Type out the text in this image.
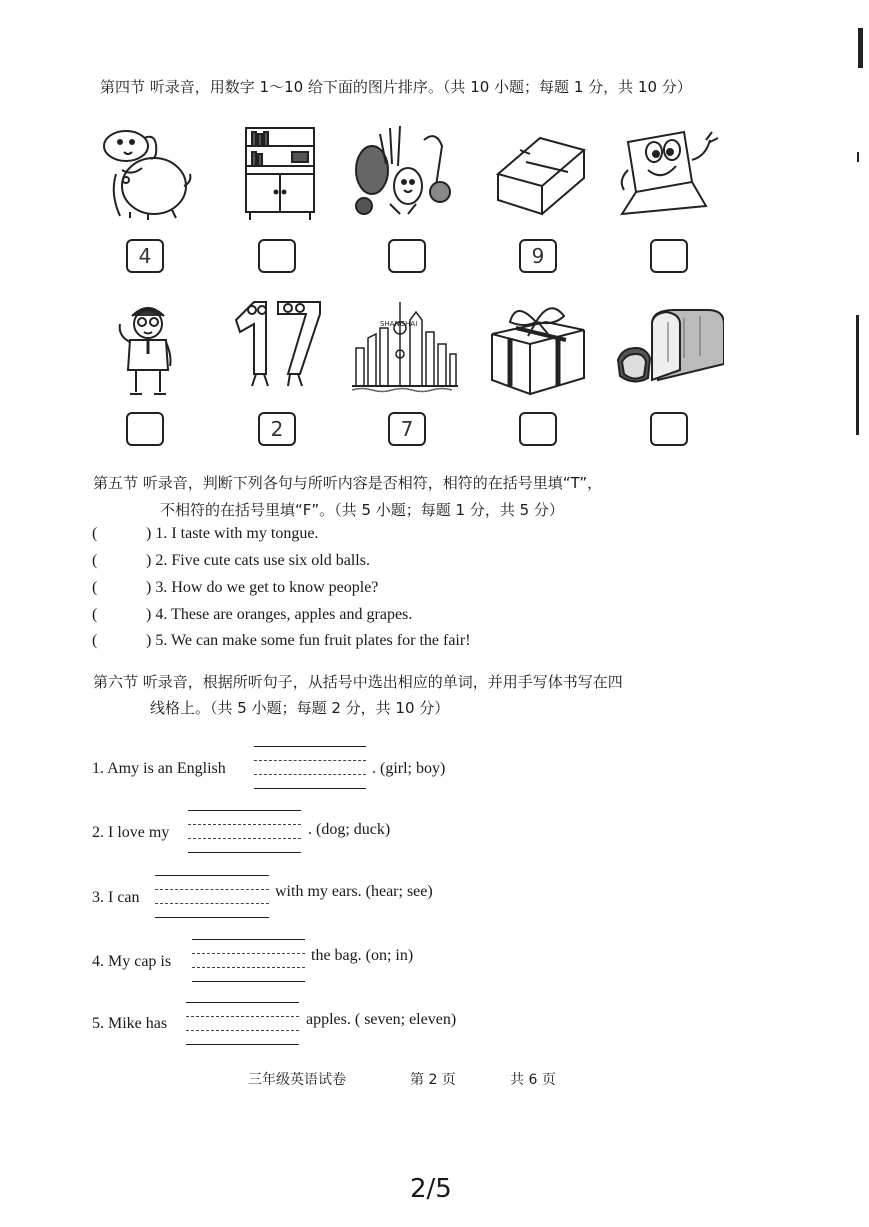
第四节 听录音，用数字 1～10 给下面的图片排序。（共 10 小题；每题 1 分，共 10 分）
4	9
SHANGHAI
2	7
第五节 听录音，判断下列各句与所听内容是否相符，相符的在括号里填“T”，
不相符的在括号里填“F”。（共 5 小题；每题 1 分，共 5 分）
(	) 1. I taste with my tongue.
(	) 2. Five cute cats use six old balls.
(	) 3. How do we get to know people?
(	) 4. These are oranges, apples and grapes.
(	) 5. We can make some fun fruit plates for the fair!
第六节 听录音，根据所听句子，从括号中选出相应的单词，并用手写体书写在四
线格上。（共 5 小题；每题 2 分，共 10 分）
1. Amy is an English	. (girl; boy)
2. I love my	. (dog; duck)
3. I can	with my ears. (hear; see)
4. My cap is	the bag. (on; in)
5. Mike has	apples. ( seven; eleven)
三年级英语试卷	第 2 页	共 6 页
2/5
